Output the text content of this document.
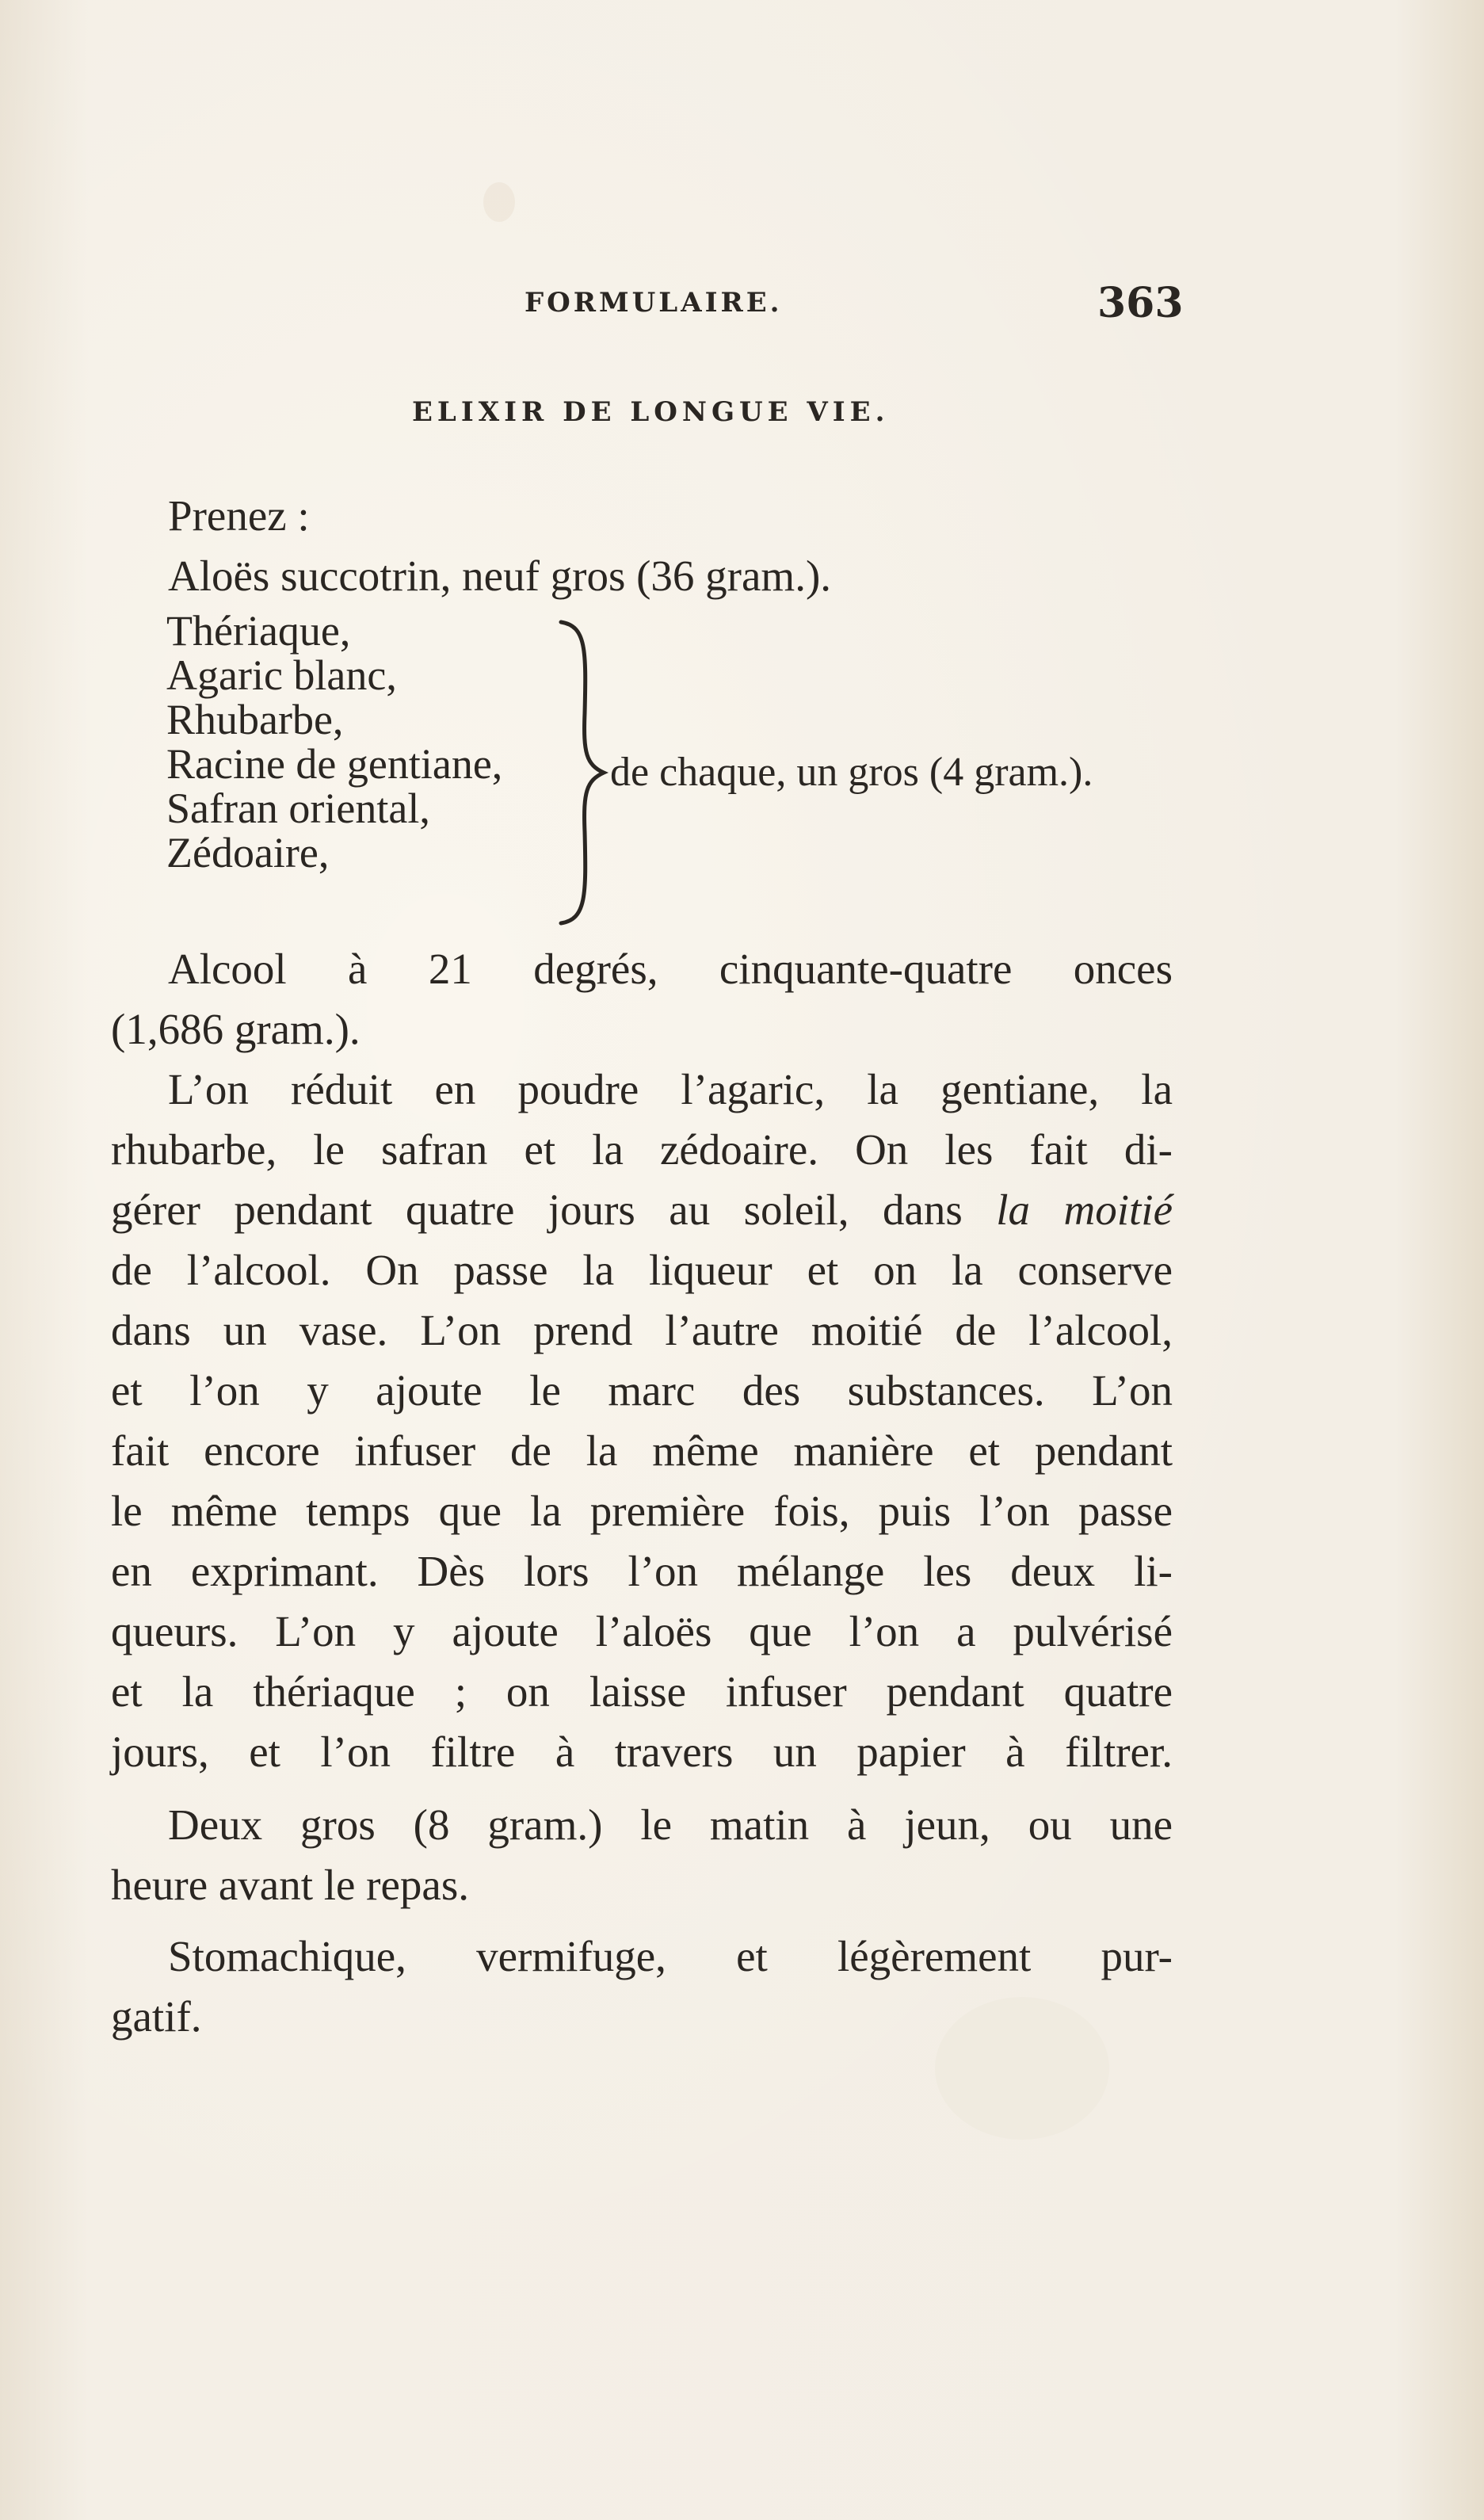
FORMULAIRE.	363
ELIXIR DE LONGUE VIE.
Prenez :
Aloës succotrin, neuf gros (36 gram.).
Thériaque,
Agaric blanc,
Rhubarbe,
Racine de gentiane,
Safran oriental,
Zédoaire,
de chaque, un gros (4 gram.).
Alcool à 21 degrés, cinquante-quatre onces
(1,686 gram.).
L’on réduit en poudre l’agaric, la gentiane, la
rhubarbe, le safran et la zédoaire. On les fait di-
gérer pendant quatre jours au soleil, dans la moitié
de l’alcool. On passe la liqueur et on la conserve
dans un vase. L’on prend l’autre moitié de l’alcool,
et l’on y ajoute le marc des substances. L’on
fait encore infuser de la même manière et pendant
le même temps que la première fois, puis l’on passe
en exprimant. Dès lors l’on mélange les deux li-
queurs. L’on y ajoute l’aloës que l’on a pulvérisé
et la thériaque ; on laisse infuser pendant quatre
jours, et l’on filtre à travers un papier à filtrer.
Deux gros (8 gram.) le matin à jeun, ou une
heure avant le repas.
Stomachique, vermifuge, et légèrement pur-
gatif.
